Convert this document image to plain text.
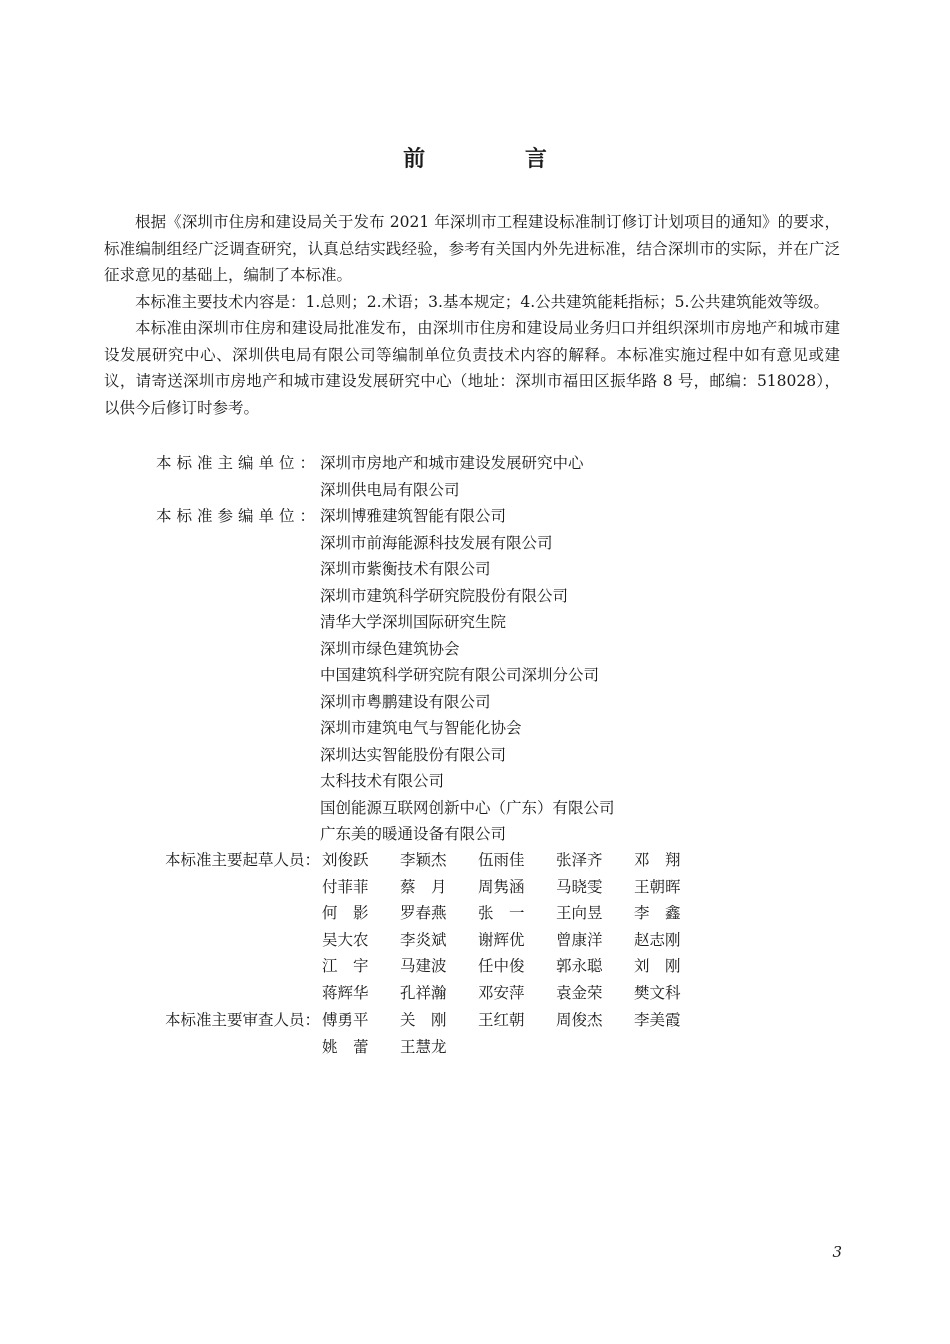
前 言

根据《深圳市住房和建设局关于发布 2021 年深圳市工程建设标准制订修订计划项目的通知》的要求，标准编制组经广泛调查研究，认真总结实践经验，参考有关国内外先进标准，结合深圳市的实际，并在广泛征求意见的基础上，编制了本标准。

本标准主要技术内容是：1.总则；2.术语；3.基本规定；4.公共建筑能耗指标；5.公共建筑能效等级。

本标准由深圳市住房和建设局批准发布，由深圳市住房和建设局业务归口并组织深圳市房地产和城市建设发展研究中心、深圳供电局有限公司等编制单位负责技术内容的解释。本标准实施过程中如有意见或建议，请寄送深圳市房地产和城市建设发展研究中心（地址：深圳市福田区振华路 8 号，邮编：518028），以供今后修订时参考。

本标准主编单位： 深圳市房地产和城市建设发展研究中心
深圳供电局有限公司
本标准参编单位： 深圳博雅建筑智能有限公司
深圳市前海能源科技发展有限公司
深圳市紫衡技术有限公司
深圳市建筑科学研究院股份有限公司
清华大学深圳国际研究生院
深圳市绿色建筑协会
中国建筑科学研究院有限公司深圳分公司
深圳市粤鹏建设有限公司
深圳市建筑电气与智能化协会
深圳达实智能股份有限公司
太科技术有限公司
国创能源互联网创新中心（广东）有限公司
广东美的暖通设备有限公司
本标准主要起草人员： 刘俊跃	李颖杰	伍雨佳	张泽齐	邓　翔
付菲菲	蔡　月	周隽涵	马晓雯	王朝晖
何　影	罗春燕	张　一	王向昱	李　鑫
吴大农	李炎斌	谢辉优	曾康洋	赵志刚
江　宇	马建波	任中俊	郭永聪	刘　刚
蒋辉华	孔祥瀚	邓安萍	袁金荣	樊文科
本标准主要审查人员： 傅勇平	关　刚	王红朝	周俊杰	李美霞
姚　蕾	王慧龙
3
